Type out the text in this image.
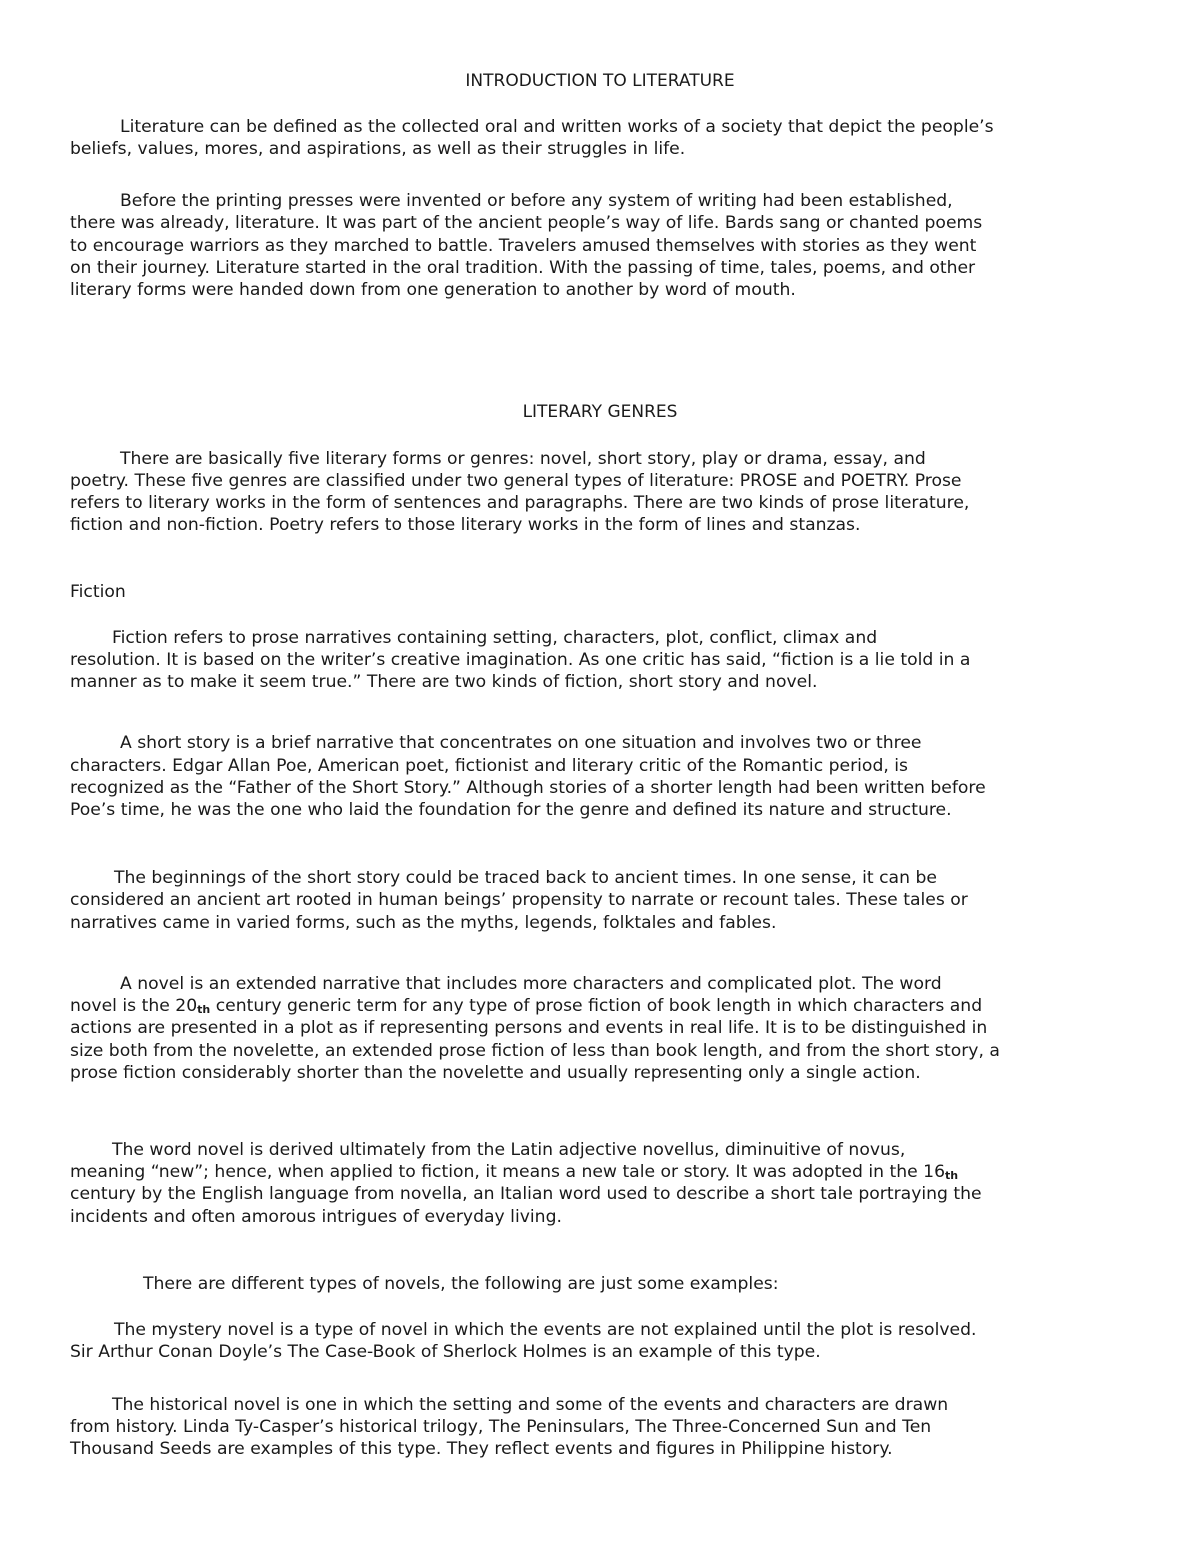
INTRODUCTION TO LITERATURE
Literature can be defined as the collected oral and written works of a society that depict the people’s
beliefs, values, mores, and aspirations, as well as their struggles in life.
Before the printing presses were invented or before any system of writing had been established,
there was already, literature. It was part of the ancient people’s way of life. Bards sang or chanted poems
to encourage warriors as they marched to battle. Travelers amused themselves with stories as they went
on their journey. Literature started in the oral tradition. With the passing of time, tales, poems, and other
literary forms were handed down from one generation to another by word of mouth.
LITERARY GENRES
There are basically five literary forms or genres: novel, short story, play or drama, essay, and
poetry. These five genres are classified under two general types of literature: PROSE and POETRY. Prose
refers to literary works in the form of sentences and paragraphs. There are two kinds of prose literature,
fiction and non-fiction. Poetry refers to those literary works in the form of lines and stanzas.
Fiction
Fiction refers to prose narratives containing setting, characters, plot, conflict, climax and
resolution. It is based on the writer’s creative imagination. As one critic has said, “fiction is a lie told in a
manner as to make it seem true.” There are two kinds of fiction, short story and novel.
A short story is a brief narrative that concentrates on one situation and involves two or three
characters. Edgar Allan Poe, American poet, fictionist and literary critic of the Romantic period, is
recognized as the “Father of the Short Story.” Although stories of a shorter length had been written before
Poe’s time, he was the one who laid the foundation for the genre and defined its nature and structure.
The beginnings of the short story could be traced back to ancient times. In one sense, it can be
considered an ancient art rooted in human beings’ propensity to narrate or recount tales. These tales or
narratives came in varied forms, such as the myths, legends, folktales and fables.
A novel is an extended narrative that includes more characters and complicated plot. The word
novel is the 20th century generic term for any type of prose fiction of book length in which characters and
actions are presented in a plot as if representing persons and events in real life. It is to be distinguished in
size both from the novelette, an extended prose fiction of less than book length, and from the short story, a
prose fiction considerably shorter than the novelette and usually representing only a single action.
The word novel is derived ultimately from the Latin adjective novellus, diminuitive of novus,
meaning “new”; hence, when applied to fiction, it means a new tale or story. It was adopted in the 16th
century by the English language from novella, an Italian word used to describe a short tale portraying the
incidents and often amorous intrigues of everyday living.
There are different types of novels, the following are just some examples:
The mystery novel is a type of novel in which the events are not explained until the plot is resolved.
Sir Arthur Conan Doyle’s The Case-Book of Sherlock Holmes is an example of this type.
The historical novel is one in which the setting and some of the events and characters are drawn
from history. Linda Ty-Casper’s historical trilogy, The Peninsulars, The Three-Concerned Sun and Ten
Thousand Seeds are examples of this type. They reflect events and figures in Philippine history.
